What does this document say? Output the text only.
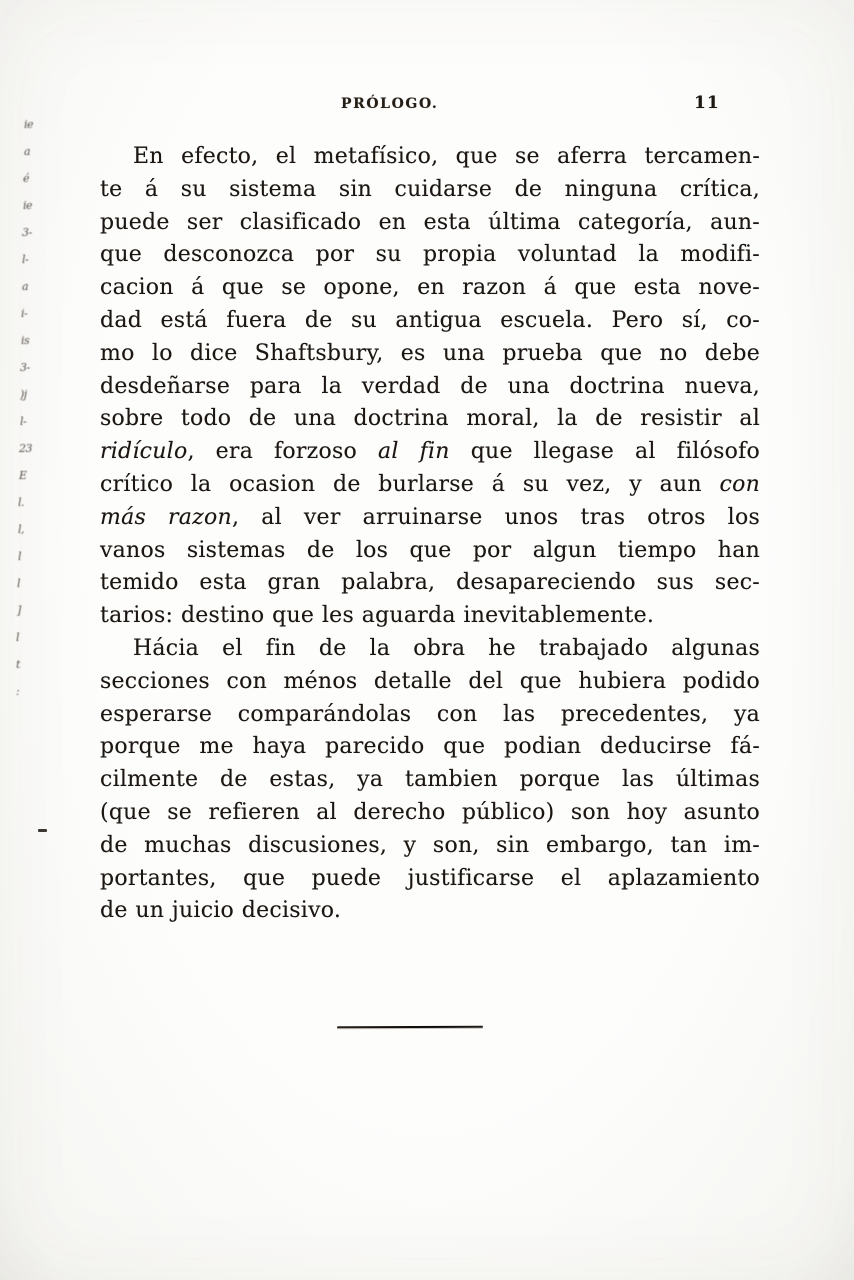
ie
a
é
ie
3-
l-
a
i-
is
3-
)j
l-
23
E
l.
l,
l
l
]
l
t
:
PRÓLOGO.	11
En efecto, el metafísico, que se aferra tercamen-
te á su sistema sin cuidarse de ninguna crítica,
puede ser clasificado en esta última categoría, aun-
que desconozca por su propia voluntad la modifi-
cacion á que se opone, en razon á que esta nove-
dad está fuera de su antigua escuela. Pero sí, co-
mo lo dice Shaftsbury, es una prueba que no debe
desdeñarse para la verdad de una doctrina nueva,
sobre todo de una doctrina moral, la de resistir al
ridículo, era forzoso al fin que llegase al filósofo
crítico la ocasion de burlarse á su vez, y aun con
más razon, al ver arruinarse unos tras otros los
vanos sistemas de los que por algun tiempo han
temido esta gran palabra, desapareciendo sus sec-
tarios: destino que les aguarda inevitablemente.
Hácia el fin de la obra he trabajado algunas
secciones con ménos detalle del que hubiera podido
esperarse comparándolas con las precedentes, ya
porque me haya parecido que podian deducirse fá-
cilmente de estas, ya tambien porque las últimas
(que se refieren al derecho público) son hoy asunto
de muchas discusiones, y son, sin embargo, tan im-
portantes, que puede justificarse el aplazamiento
de un juicio decisivo.
